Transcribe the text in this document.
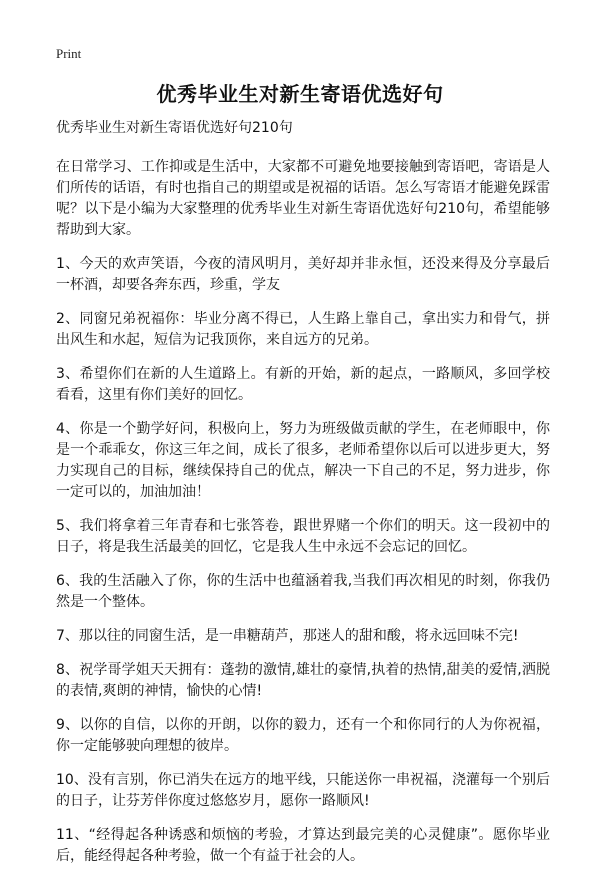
Print
优秀毕业生对新生寄语优选好句

优秀毕业生对新生寄语优选好句210句

在日常学习、工作抑或是生活中，大家都不可避免地要接触到寄语吧，寄语是人们所传的话语，有时也指自己的期望或是祝福的话语。怎么写寄语才能避免踩雷呢？以下是小编为大家整理的优秀毕业生对新生寄语优选好句210句，希望能够帮助到大家。

1、今天的欢声笑语，今夜的清风明月，美好却并非永恒，还没来得及分享最后一杯酒，却要各奔东西，珍重，学友

2、同窗兄弟祝福你：毕业分离不得已，人生路上靠自己，拿出实力和骨气，拼出风生和水起，短信为记我顶你，来自远方的兄弟。

3、希望你们在新的人生道路上。有新的开始，新的起点，一路顺风，多回学校看看，这里有你们美好的回忆。

4、你是一个勤学好问，积极向上，努力为班级做贡献的学生，在老师眼中，你是一个乖乖女，你这三年之间，成长了很多，老师希望你以后可以进步更大，努力实现自己的目标，继续保持自己的优点，解决一下自己的不足，努力进步，你一定可以的，加油加油！

5、我们将拿着三年青春和七张答卷，跟世界赌一个你们的明天。这一段初中的日子，将是我生活最美的回忆，它是我人生中永远不会忘记的回忆。

6、我的生活融入了你，你的生活中也蕴涵着我,当我们再次相见的时刻，你我仍然是一个整体。

7、那以往的同窗生活，是一串糖葫芦，那迷人的甜和酸，将永远回味不完!

8、祝学哥学姐天天拥有：蓬勃的激情,雄壮的豪情,执着的热情,甜美的爱情,洒脱的表情,爽朗的神情，愉快的心情!

9、以你的自信，以你的开朗，以你的毅力，还有一个和你同行的人为你祝福，你一定能够驶向理想的彼岸。

10、没有言别，你已消失在远方的地平线，只能送你一串祝福，浇灌每一个别后的日子，让芬芳伴你度过悠悠岁月，愿你一路顺风!

11、“经得起各种诱惑和烦恼的考验，才算达到最完美的心灵健康”。愿你毕业后，能经得起各种考验，做一个有益于社会的人。
